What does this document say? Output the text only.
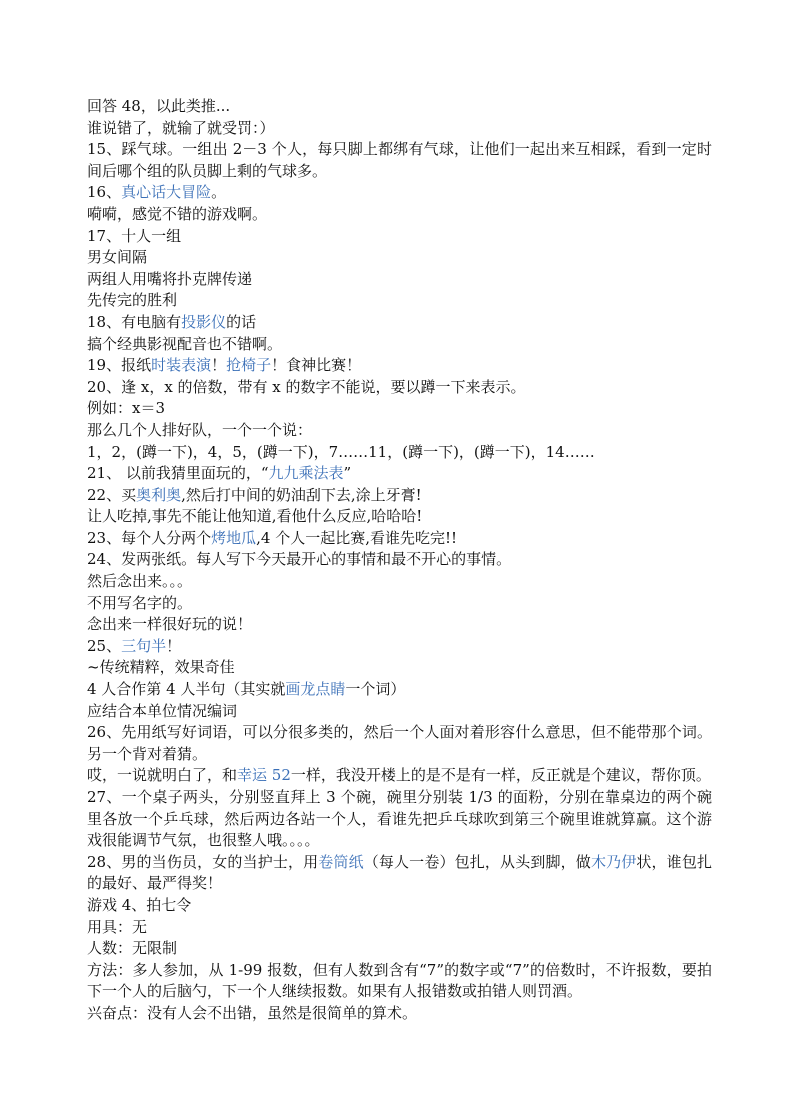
回答 48，以此类推...
谁说错了，就输了就受罚：）
15、踩气球。一组出 2－3 个人，每只脚上都绑有气球，让他们一起出来互相踩，看到一定时间后哪个组的队员脚上剩的气球多。
16、真心话大冒险。
嗬嗬，感觉不错的游戏啊。
17、十人一组
男女间隔
两组人用嘴将扑克牌传递
先传完的胜利
18、有电脑有投影仪的话
搞个经典影视配音也不错啊。
19、报纸时装表演！抢椅子！食神比赛！
20、逢 x，x 的倍数，带有 x 的数字不能说，要以蹲一下来表示。
例如：x＝3
那么几个人排好队，一个一个说：
1，2，(蹲一下)，4，5，(蹲一下)，7……11，(蹲一下)，(蹲一下)，14……
21、 以前我猜里面玩的，“九九乘法表”
22、买奥利奥,然后打中间的奶油刮下去,涂上牙膏!
让人吃掉,事先不能让他知道,看他什么反应,哈哈哈!
23、每个人分两个烤地瓜,4 个人一起比赛,看谁先吃完!!
24、发两张纸。每人写下今天最开心的事情和最不开心的事情。
然后念出来。。。
不用写名字的。
念出来一样很好玩的说！
25、三句半！
~传统精粹，效果奇佳
4 人合作第 4 人半句（其实就画龙点睛一个词）
应结合本单位情况编词
26、先用纸写好词语，可以分很多类的，然后一个人面对着形容什么意思，但不能带那个词。另一个背对着猜。
哎，一说就明白了，和幸运 52一样，我没开楼上的是不是有一样，反正就是个建议，帮你顶。
27、一个桌子两头，分别竖直拜上 3 个碗，碗里分别装 1/3 的面粉，分别在靠桌边的两个碗里各放一个乒乓球，然后两边各站一个人，看谁先把乒乓球吹到第三个碗里谁就算赢。这个游戏很能调节气氛，也很整人哦。。。。
28、男的当伤员，女的当护士，用卷筒纸（每人一卷）包扎，从头到脚，做木乃伊状，谁包扎的最好、最严得奖！
游戏 4、拍七令
用具：无
人数：无限制
方法：多人参加，从 1-99 报数，但有人数到含有“7”的数字或“7”的倍数时，不许报数，要拍下一个人的后脑勺，下一个人继续报数。如果有人报错数或拍错人则罚酒。
兴奋点：没有人会不出错，虽然是很简单的算术。
